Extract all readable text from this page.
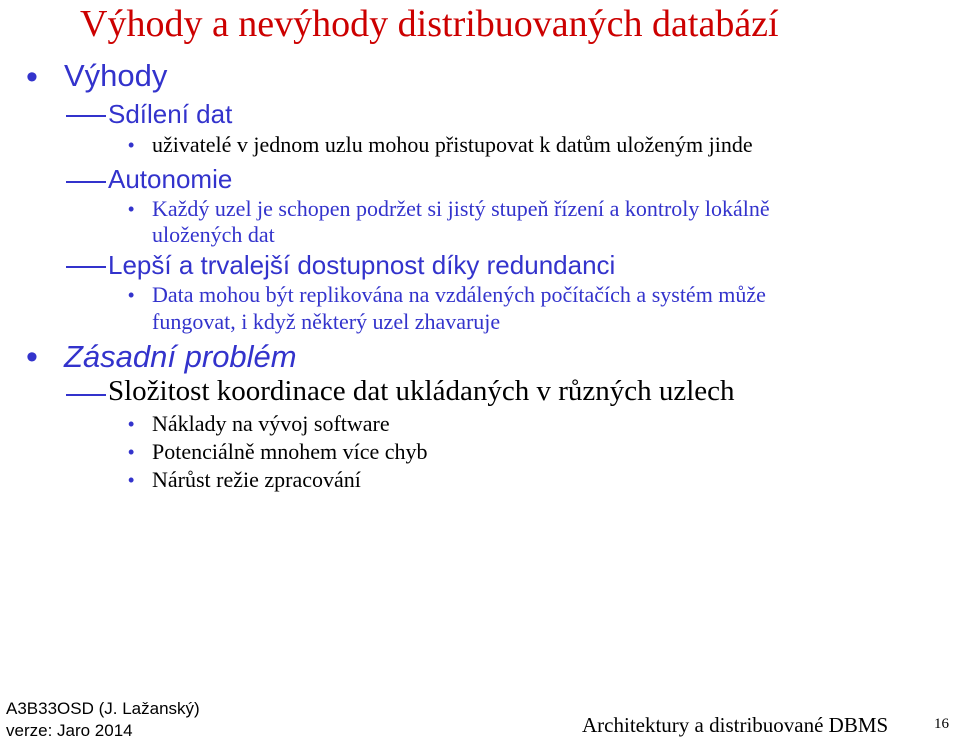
Výhody a nevýhody distribuovaných databází
• Výhody
Sdílení dat
• uživatelé v jednom uzlu mohou přistupovat k datům uloženým jinde
Autonomie
• Každý uzel je schopen podržet si jistý stupeň řízení a kontroly lokálně
uložených dat
Lepší a trvalejší dostupnost díky redundanci
• Data mohou být replikována na vzdálených počítačích a systém může
fungovat, i když některý uzel zhavaruje
• Zásadní problém
Složitost koordinace dat ukládaných v různých uzlech
• Náklady na vývoj software
• Potenciálně mnohem více chyb
• Nárůst režie zpracování
A3B33OSD (J. Lažanský)
verze: Jaro 2014	Architektury a distribuované DBMS	16
